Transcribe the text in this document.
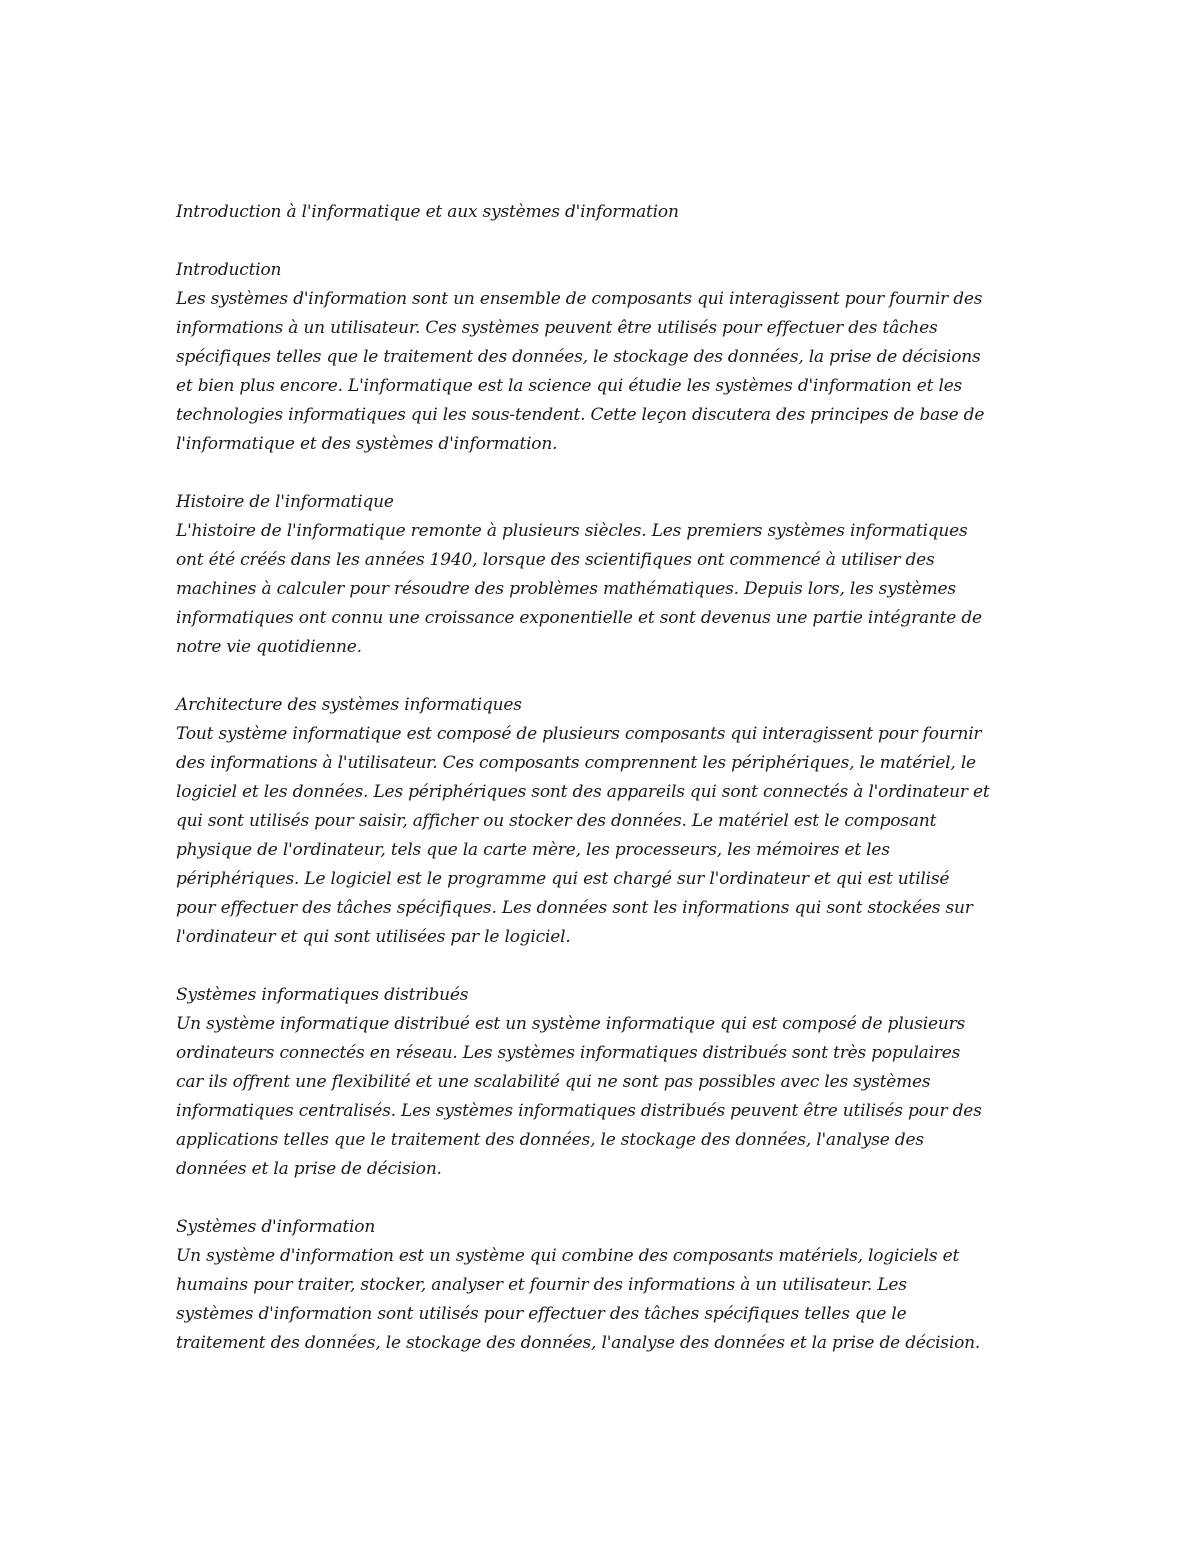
Introduction à l'informatique et aux systèmes d'information
Introduction

Les systèmes d'information sont un ensemble de composants qui interagissent pour fournir des
informations à un utilisateur. Ces systèmes peuvent être utilisés pour effectuer des tâches
spécifiques telles que le traitement des données, le stockage des données, la prise de décisions
et bien plus encore. L'informatique est la science qui étudie les systèmes d'information et les
technologies informatiques qui les sous-tendent. Cette leçon discutera des principes de base de
l'informatique et des systèmes d'information.

Histoire de l'informatique

L'histoire de l'informatique remonte à plusieurs siècles. Les premiers systèmes informatiques
ont été créés dans les années 1940, lorsque des scientifiques ont commencé à utiliser des
machines à calculer pour résoudre des problèmes mathématiques. Depuis lors, les systèmes
informatiques ont connu une croissance exponentielle et sont devenus une partie intégrante de
notre vie quotidienne.

Architecture des systèmes informatiques

Tout système informatique est composé de plusieurs composants qui interagissent pour fournir
des informations à l'utilisateur. Ces composants comprennent les périphériques, le matériel, le
logiciel et les données. Les périphériques sont des appareils qui sont connectés à l'ordinateur et
qui sont utilisés pour saisir, afficher ou stocker des données. Le matériel est le composant
physique de l'ordinateur, tels que la carte mère, les processeurs, les mémoires et les
périphériques. Le logiciel est le programme qui est chargé sur l'ordinateur et qui est utilisé
pour effectuer des tâches spécifiques. Les données sont les informations qui sont stockées sur
l'ordinateur et qui sont utilisées par le logiciel.

Systèmes informatiques distribués

Un système informatique distribué est un système informatique qui est composé de plusieurs
ordinateurs connectés en réseau. Les systèmes informatiques distribués sont très populaires
car ils offrent une flexibilité et une scalabilité qui ne sont pas possibles avec les systèmes
informatiques centralisés. Les systèmes informatiques distribués peuvent être utilisés pour des
applications telles que le traitement des données, le stockage des données, l'analyse des
données et la prise de décision.

Systèmes d'information

Un système d'information est un système qui combine des composants matériels, logiciels et
humains pour traiter, stocker, analyser et fournir des informations à un utilisateur. Les
systèmes d'information sont utilisés pour effectuer des tâches spécifiques telles que le
traitement des données, le stockage des données, l'analyse des données et la prise de décision.
